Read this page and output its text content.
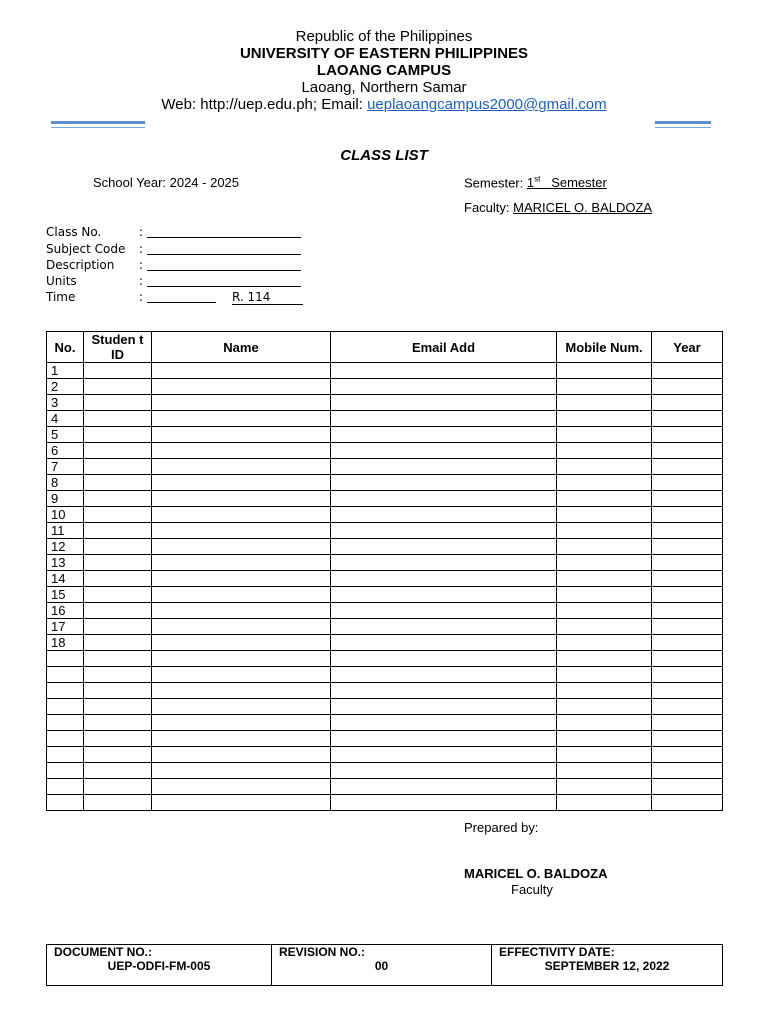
Republic of the Philippines
UNIVERSITY OF EASTERN PHILIPPINES
LAOANG CAMPUS
Laoang, Northern Samar
Web: http://uep.edu.ph; Email: ueplaoangcampus2000@gmail.com
CLASS LIST
School Year: 2024 - 2025	Semester: 1st Semester
Faculty: MARICEL O. BALDOZA
Class No.	:
Subject Code	:
Description	:
Units	:
Time	:	R. 114
No.	Studen t ID	Name	Email Add	Mobile Num.	Year
1					
2					
3					
4					
5					
6					
7					
8					
9					
10					
11					
12					
13					
14					
15					
16					
17					
18					

Prepared by:
MARICEL O. BALDOZA
Faculty
DOCUMENT NO.:
UEP-ODFI-FM-005
	REVISION NO.:
00
	EFFECTIVITY DATE:
SEPTEMBER 12, 2022
